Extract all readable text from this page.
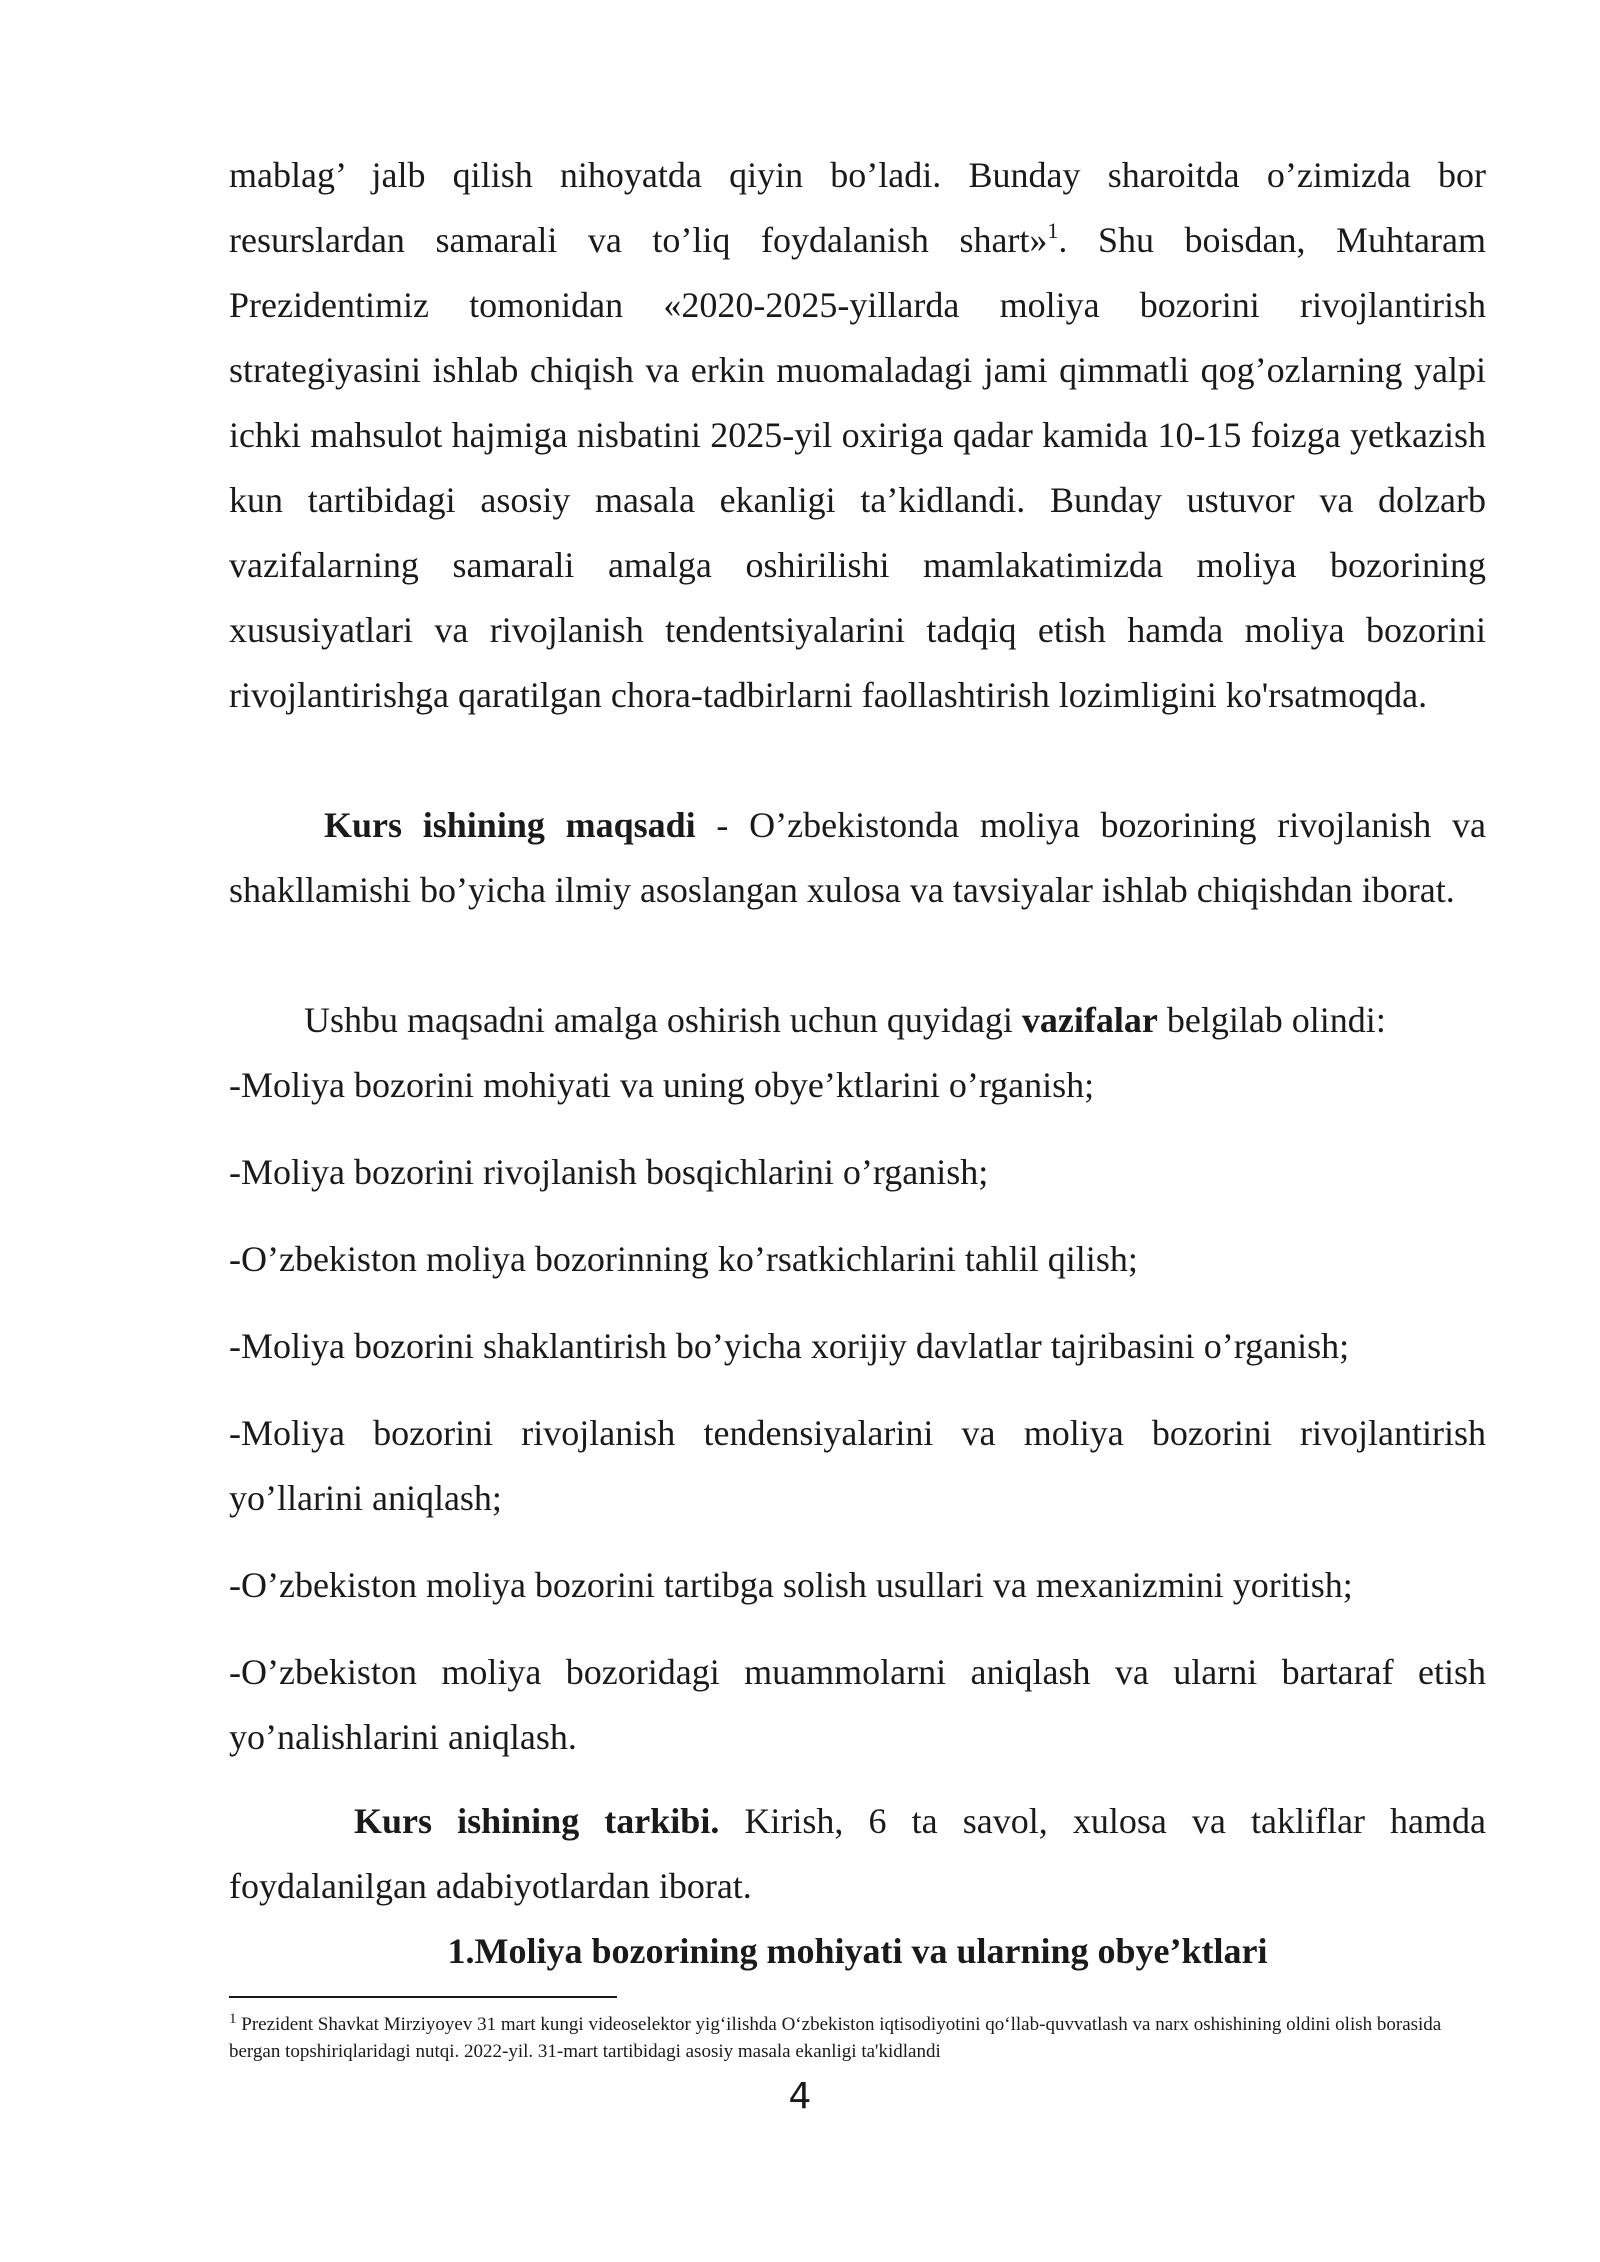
mablag’ jalb qilish nihoyatda qiyin bo’ladi. Bunday sharoitda o’zimizda bor resurslardan samarali va to’liq foydalanish shart»$^1$. Shu boisdan, Muhtaram Prezidentimiz tomonidan «2020-2025-yillarda moliya bozorini rivojlantirish strategiyasini ishlab chiqish va erkin muomaladagi jami qimmatli qog’ozlarning yalpi ichki mahsulot hajmiga nisbatini 2025-yil oxiriga qadar kamida 10-15 foizga yetkazish kun tartibidagi asosiy masala ekanligi ta’kidlandi. Bunday ustuvor va dolzarb vazifalarning samarali amalga oshirilishi mamlakatimizda moliya bozorining xususiyatlari va rivojlanish tendentsiyalarini tadqiq etish hamda moliya bozorini rivojlantirishga qaratilgan chora-tadbirlarni faollashtirish lozimligini ko'rsatmoqda.

Kurs ishining maqsadi - O’zbekistonda moliya bozorining rivojlanish va shakllamishi bo’yicha ilmiy asoslangan xulosa va tavsiyalar ishlab chiqishdan iborat.

Ushbu maqsadni amalga oshirish uchun quyidagi vazifalar belgilab olindi:

-Moliya bozorini mohiyati va uning obye’ktlarini o’rganish;

-Moliya bozorini rivojlanish bosqichlarini o’rganish;

-O’zbekiston moliya bozorinning ko’rsatkichlarini tahlil qilish;

-Moliya bozorini shaklantirish bo’yicha xorijiy davlatlar tajribasini o’rganish;

-Moliya bozorini rivojlanish tendensiyalarini va moliya bozorini rivojlantirish yo’llarini aniqlash;

-O’zbekiston moliya bozorini tartibga solish usullari va mexanizmini yoritish;

-O’zbekiston moliya bozoridagi muammolarni aniqlash va ularni bartaraf etish yo’nalishlarini aniqlash.

Kurs ishining tarkibi. Kirish, 6 ta savol, xulosa va takliflar hamda foydalanilgan adabiyotlardan iborat.

1.Moliya bozorining mohiyati va ularning obye’ktlari

$^1$ Prezident Shavkat Mirziyoyev 31 mart kungi videoselektor yig‘ilishda O‘zbekiston iqtisodiyotini qo‘llab-quvvatlash va narx oshishining oldini olish borasida bergan topshiriqlaridagi nutqi. 2022-yil. 31-mart tartibidagi asosiy masala ekanligi ta'kidlandi

4
